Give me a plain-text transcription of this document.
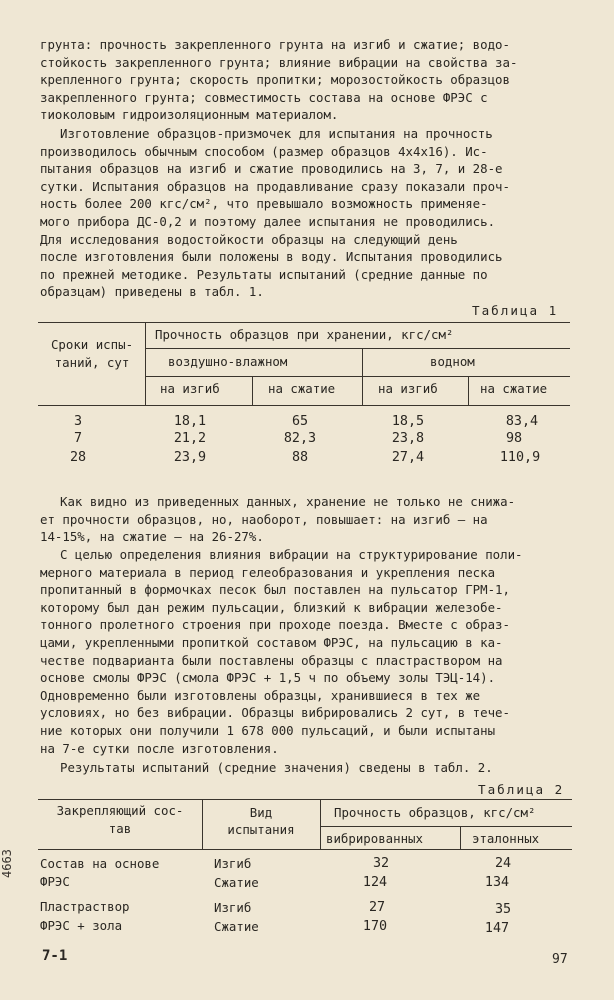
грунта: прочность закрепленного грунта на изгиб и сжатие; водо-
стойкость закрепленного грунта; влияние вибрации на свойства за-
крепленного грунта; скорость пропитки; морозостойкость образцов
закрепленного грунта; совместимость состава на основе ФРЭС с
тиоколовым гидроизоляционным материалом.
Изготовление образцов-призмочек для испытания на прочность
производилось обычным способом (размер образцов 4x4x16). Ис-
пытания образцов на изгиб и сжатие проводились на 3, 7, и 28-е
сутки. Испытания образцов на продавливание сразу показали проч-
ность более 200 кгс/см², что превышало возможность применяе-
мого прибора ДС-0,2 и поэтому далее испытания не проводились.
Для исследования водостойкости образцы на следующий день
после изготовления были положены в воду. Испытания проводились
по прежней методике. Результаты испытаний (средние данные по
образцам) приведены в табл. 1.
Таблица 1
Сроки испы-
таний, сут
Прочность образцов при хранении, кгс/см²
воздушно-влажном	водном
на изгиб	на сжатие	на изгиб	на сжатие
3	18,1	65	18,5	83,4
7	21,2	82,3	23,8	98
28	23,9	88	27,4	110,9
Как видно из приведенных данных, хранение не только не снижа-
ет прочности образцов, но, наоборот, повышает: на изгиб – на
14-15%, на сжатие – на 26-27%.
С целью определения влияния вибрации на структурирование поли-
мерного материала в период гелеобразования и укрепления песка
пропитанный в формочках песок был поставлен на пульсатор ГРМ-1,
которому был дан режим пульсации, близкий к вибрации железобе-
тонного пролетного строения при проходе поезда. Вместе с образ-
цами, укрепленными пропиткой составом ФРЭС, на пульсацию в ка-
честве подварианта были поставлены образцы с пластраствором на
основе смолы ФРЭС (смола ФРЭС + 1,5 ч по объему золы ТЭЦ-14).
Одновременно были изготовлены образцы, хранившиеся в тех же
условиях, но без вибрации. Образцы вибрировались 2 сут, в тече-
ние которых они получили 1 678 000 пульсаций, и были испытаны
на 7-е сутки после изготовления.
Результаты испытаний (средние значения) сведены в табл. 2.
Таблица 2
Закрепляющий сос-
тав
Вид
испытания
Прочность образцов, кгс/см²
вибрированных	эталонных
Состав на основе	Изгиб	32	24
ФРЭС	Сжатие	124	134
Пластраствор	Изгиб	27	35
ФРЭС + зола	Сжатие	170	147
4663
7-1	97
